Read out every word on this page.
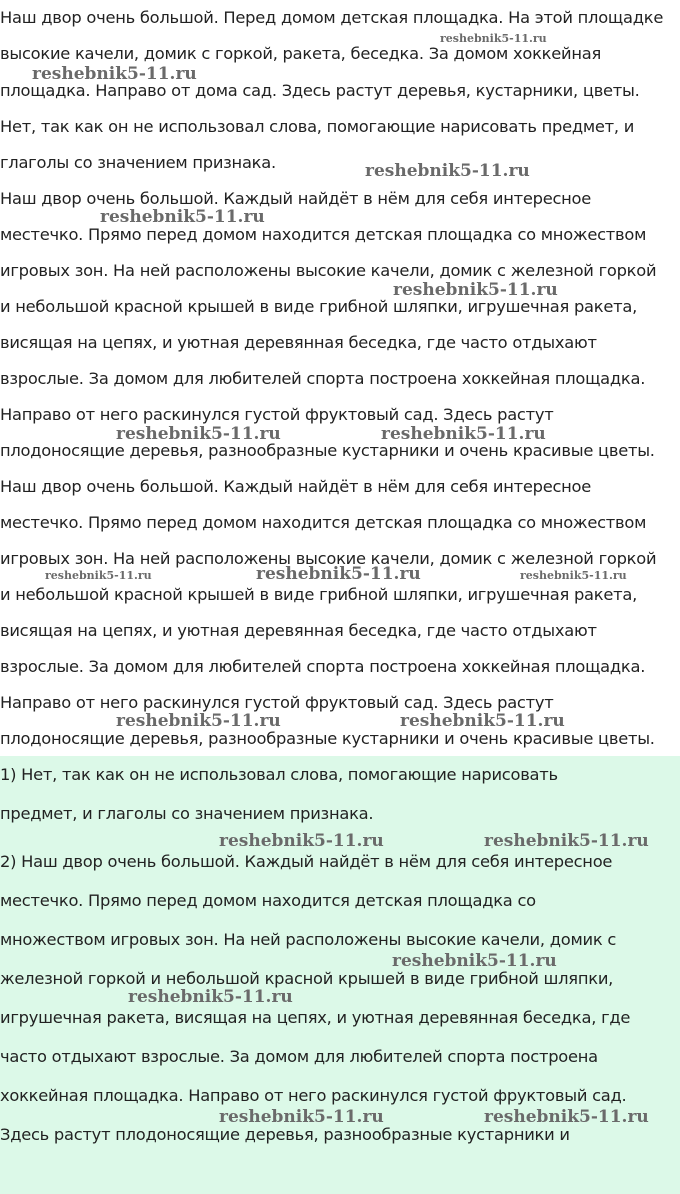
Наш двор очень большой. Перед домом детская площадка. На этой площадке
высокие качели, домик с горкой, ракета, беседка. За домом хоккейная
площадка. Направо от дома сад. Здесь растут деревья, кустарники, цветы.
Нет, так как он не использовал слова, помогающие нарисовать предмет, и
глаголы со значением признака.
Наш двор очень большой. Каждый найдёт в нём для себя интересное
местечко. Прямо перед домом находится детская площадка со множеством
игровых зон. На ней расположены высокие качели, домик с железной горкой
и небольшой красной крышей в виде грибной шляпки, игрушечная ракета,
висящая на цепях, и уютная деревянная беседка, где часто отдыхают
взрослые. За домом для любителей спорта построена хоккейная площадка.
Направо от него раскинулся густой фруктовый сад. Здесь растут
плодоносящие деревья, разнообразные кустарники и очень красивые цветы.
Наш двор очень большой. Каждый найдёт в нём для себя интересное
местечко. Прямо перед домом находится детская площадка со множеством
игровых зон. На ней расположены высокие качели, домик с железной горкой
и небольшой красной крышей в виде грибной шляпки, игрушечная ракета,
висящая на цепях, и уютная деревянная беседка, где часто отдыхают
взрослые. За домом для любителей спорта построена хоккейная площадка.
Направо от него раскинулся густой фруктовый сад. Здесь растут
плодоносящие деревья, разнообразные кустарники и очень красивые цветы.
1) Нет, так как он не использовал слова, помогающие нарисовать
предмет, и глаголы со значением признака.
2) Наш двор очень большой. Каждый найдёт в нём для себя интересное
местечко. Прямо перед домом находится детская площадка со
множеством игровых зон. На ней расположены высокие качели, домик с
железной горкой и небольшой красной крышей в виде грибной шляпки,
игрушечная ракета, висящая на цепях, и уютная деревянная беседка, где
часто отдыхают взрослые. За домом для любителей спорта построена
хоккейная площадка. Направо от него раскинулся густой фруктовый сад.
Здесь растут плодоносящие деревья, разнообразные кустарники и
reshebnik5-11.ru
reshebnik5-11.ru
reshebnik5-11.ru
reshebnik5-11.ru
reshebnik5-11.ru
reshebnik5-11.ru	reshebnik5-11.ru
reshebnik5-11.ru	reshebnik5-11.ru	reshebnik5-11.ru
reshebnik5-11.ru	reshebnik5-11.ru
reshebnik5-11.ru	reshebnik5-11.ru
reshebnik5-11.ru
reshebnik5-11.ru
reshebnik5-11.ru	reshebnik5-11.ru
